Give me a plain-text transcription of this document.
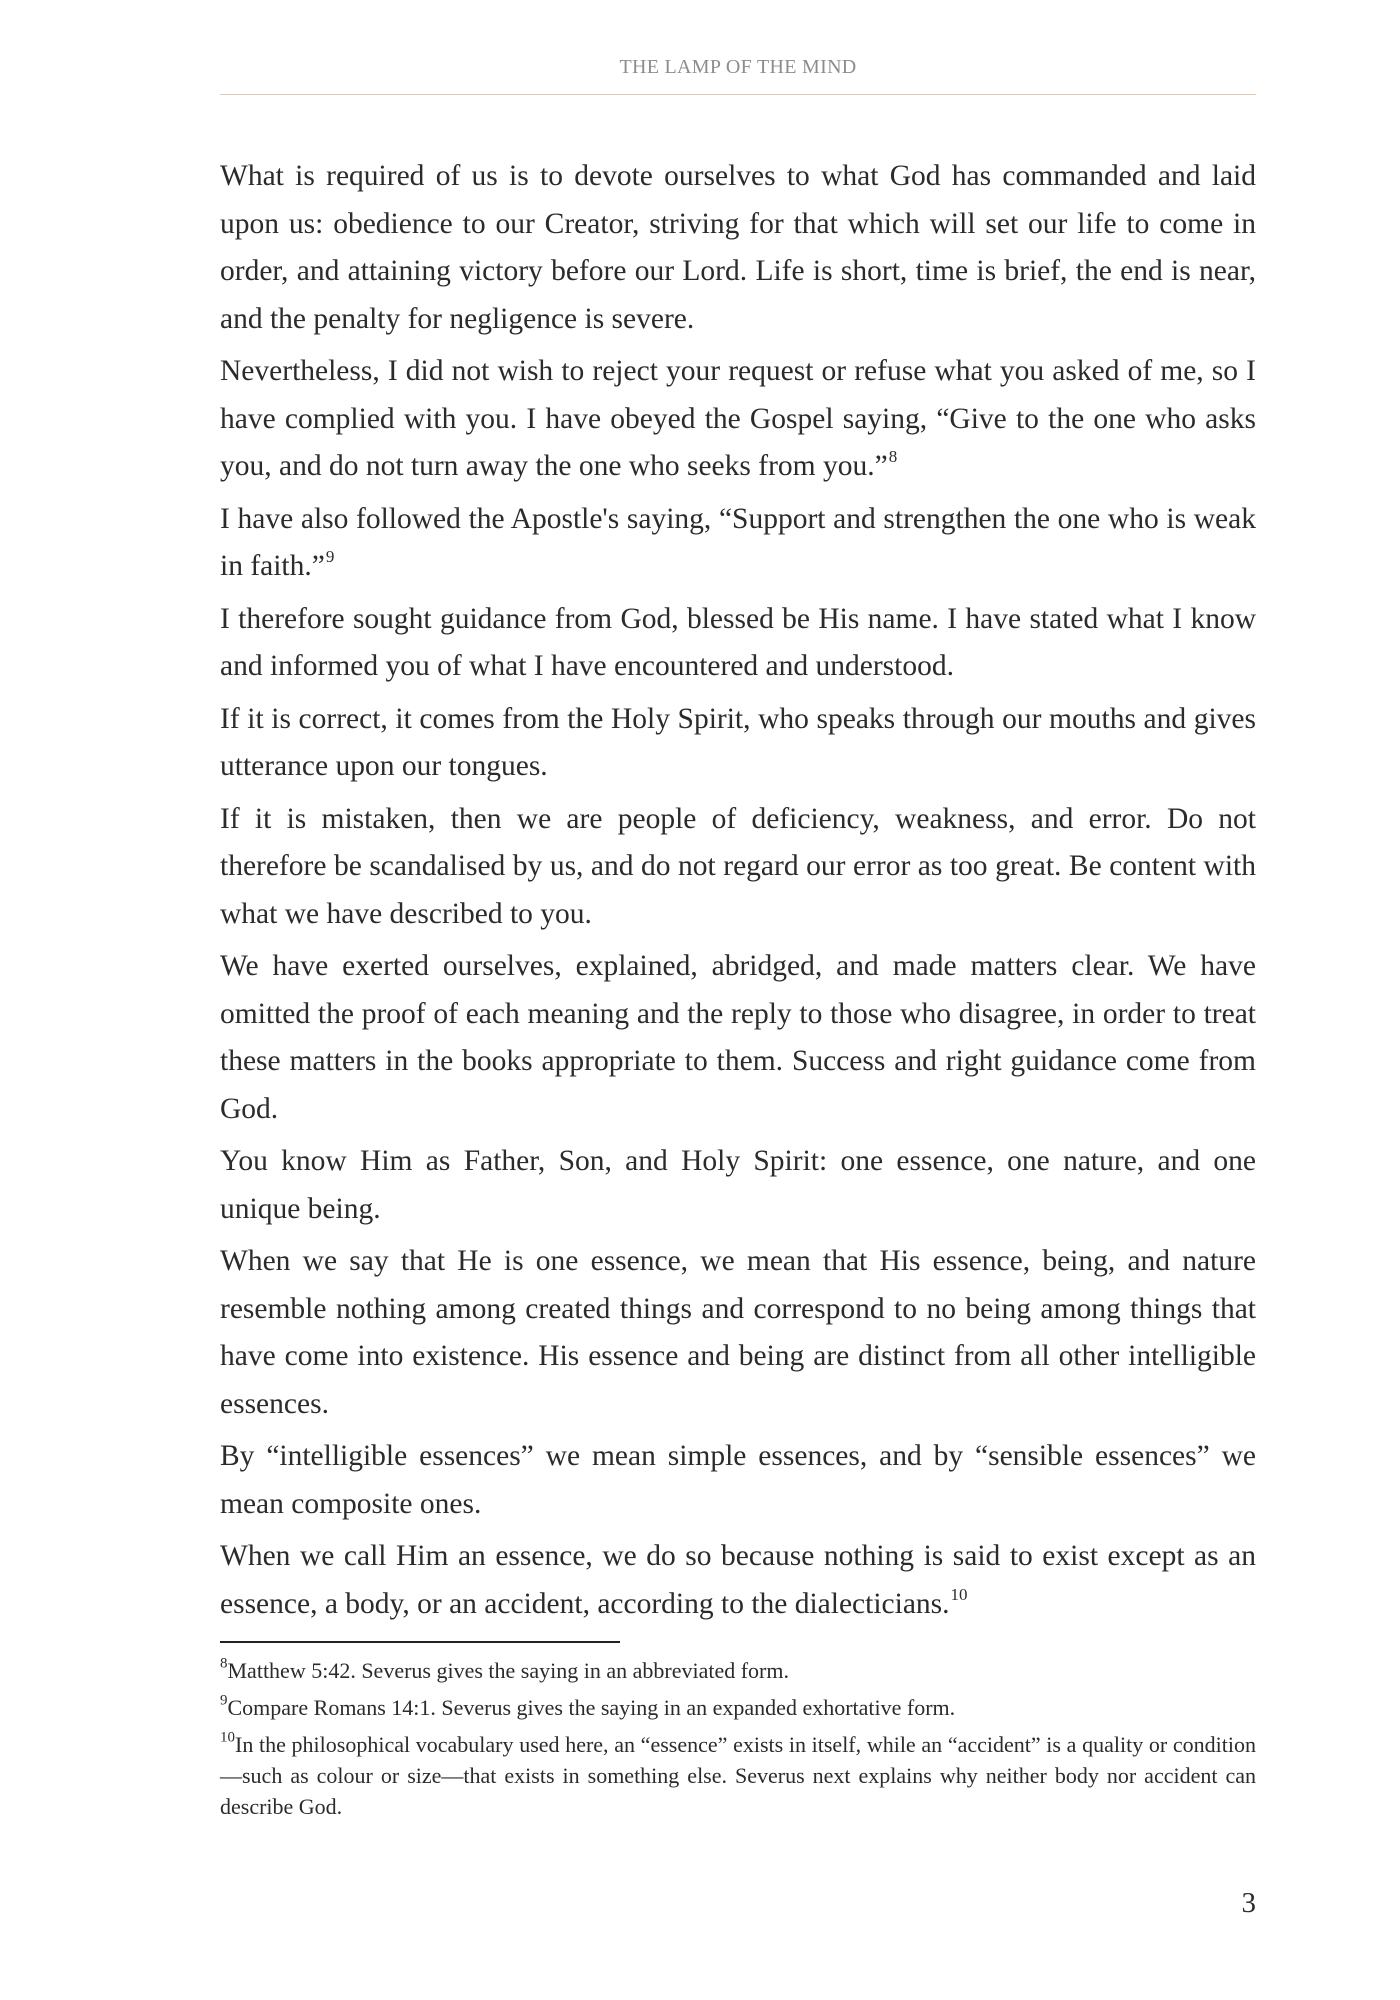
THE LAMP OF THE MIND

What is required of us is to devote ourselves to what God has commanded and laid upon us: obedience to our Creator, striving for that which will set our life to come in order, and attaining victory before our Lord. Life is short, time is brief, the end is near, and the penalty for negligence is severe.

Nevertheless, I did not wish to reject your request or refuse what you asked of me, so I have complied with you. I have obeyed the Gospel saying, “Give to the one who asks you, and do not turn away the one who seeks from you.”$^8$

I have also followed the Apostle's saying, “Support and strengthen the one who is weak in faith.”$^9$

I therefore sought guidance from God, blessed be His name. I have stated what I know and informed you of what I have encountered and understood.

If it is correct, it comes from the Holy Spirit, who speaks through our mouths and gives utterance upon our tongues.

If it is mistaken, then we are people of deficiency, weakness, and error. Do not therefore be scandalised by us, and do not regard our error as too great. Be content with what we have described to you.

We have exerted ourselves, explained, abridged, and made matters clear. We have omitted the proof of each meaning and the reply to those who disagree, in order to treat these matters in the books appropriate to them. Success and right guidance come from God.

You know Him as Father, Son, and Holy Spirit: one essence, one nature, and one unique being.

When we say that He is one essence, we mean that His essence, being, and nature resemble nothing among created things and correspond to no being among things that have come into existence. His essence and being are distinct from all other intelligible essences.

By “intelligible essences” we mean simple essences, and by “sensible essences” we mean composite ones.

When we call Him an essence, we do so because nothing is said to exist except as an essence, a body, or an accident, according to the dialecticians.$^{10}$

$^8$Matthew 5:42. Severus gives the saying in an abbreviated form.

$^9$Compare Romans 14:1. Severus gives the saying in an expanded exhortative form.

$^{10}$In the philosophical vocabulary used here, an “essence” exists in itself, while an “accident” is a quality or condition—such as colour or size—that exists in something else. Severus next explains why neither body nor accident can describe God.

3
